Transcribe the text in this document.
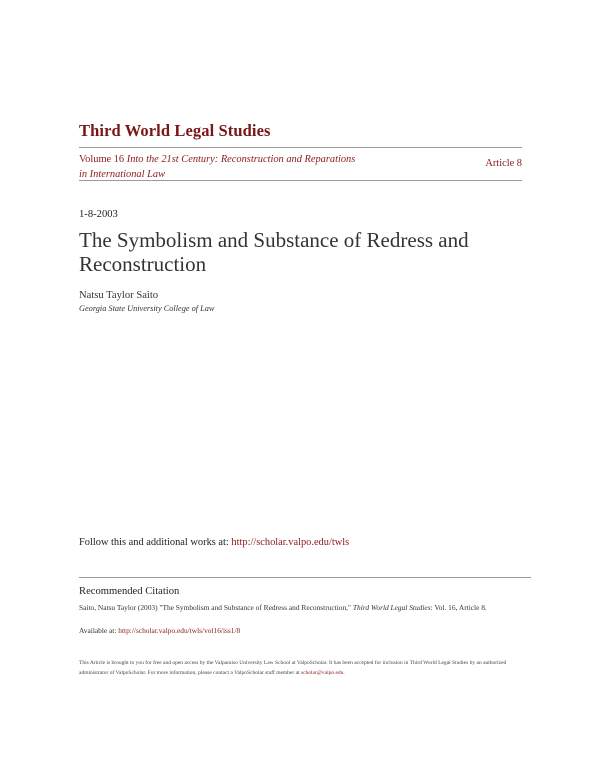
Third World Legal Studies
Volume 16 Into the 21st Century: Reconstruction and Reparations in International Law
Article 8
1-8-2003
The Symbolism and Substance of Redress and Reconstruction
Natsu Taylor Saito
Georgia State University College of Law
Follow this and additional works at: http://scholar.valpo.edu/twls
Recommended Citation
Saito, Natsu Taylor (2003) "The Symbolism and Substance of Redress and Reconstruction," Third World Legal Studies: Vol. 16, Article 8.
Available at: http://scholar.valpo.edu/twls/vol16/iss1/8
This Article is brought to you for free and open access by the Valparaiso University Law School at ValpoScholar. It has been accepted for inclusion in Third World Legal Studies by an authorized administrator of ValpoScholar. For more information, please contact a ValpoScholar staff member at scholar@valpo.edu.
